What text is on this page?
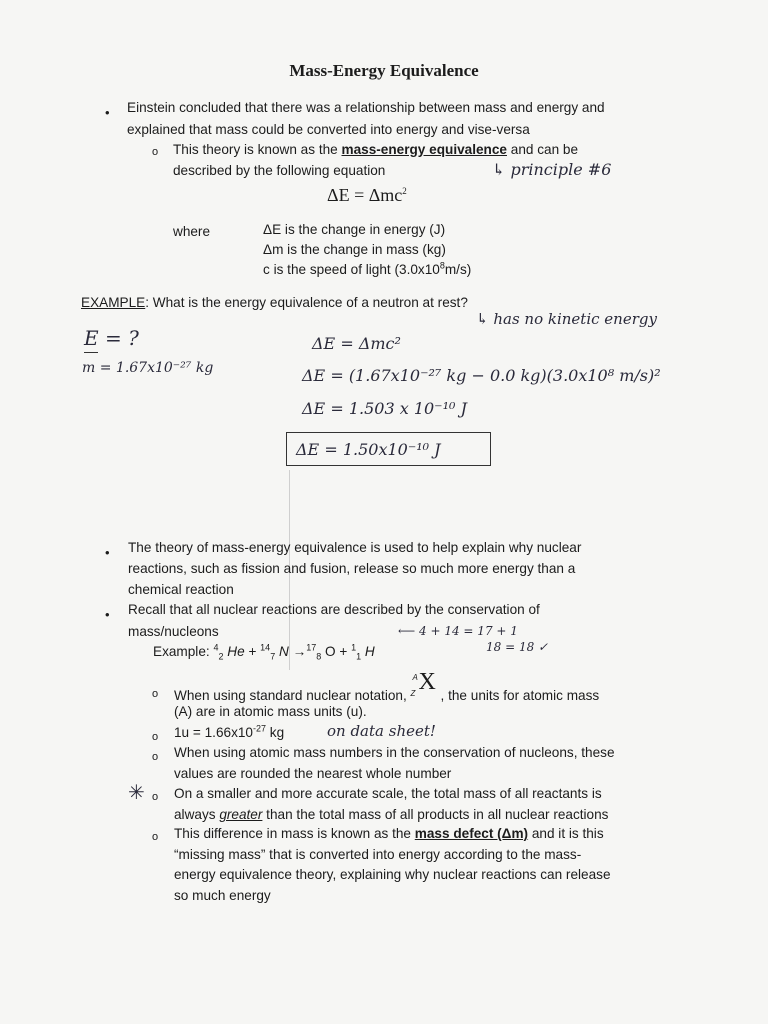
Mass-Energy Equivalence
• Einstein concluded that there was a relationship between mass and energy and
explained that mass could be converted into energy and vise-versa
o This theory is known as the mass-energy equivalence and can be
described by the following equation	↳ principle #6
ΔE = Δmc$^2$
where	ΔE is the change in energy (J)
Δm is the change in mass (kg)
c is the speed of light $(3.0x10^8m/s)$
EXAMPLE: What is the energy equivalence of a neutron at rest?
↳ has no kinetic energy
E = ?
m = 1.67x10⁻²⁷ kg
ΔE = Δmc²
ΔE = (1.67x10⁻²⁷ kg − 0.0 kg)(3.0x10⁸ m/s)²
ΔE = 1.503 x 10⁻¹⁰ J
ΔE = 1.50x10⁻¹⁰ J
• The theory of mass-energy equivalence is used to help explain why nuclear
reactions, such as fission and fusion, release so much more energy than a
chemical reaction
• Recall that all nuclear reactions are described by the conservation of
mass/nucleons	⟵ 4 + 14 = 17 + 1
18 = 18 ✓
Example: $^4_2$ He + $^{14}_7$ N →$^{17}_8$ O + $^1_1$ H
o When using standard nuclear notation, Z
A X
, the units for atomic mass
(A) are in atomic mass units (u).
o $1u = 1.66x10^{-27}$ kg	on data sheet!
o When using atomic mass numbers in the conservation of nucleons, these
values are rounded the nearest whole number
✳ o On a smaller and more accurate scale, the total mass of all reactants is
always greater than the total mass of all products in all nuclear reactions
o This difference in mass is known as the mass defect (Δm) and it is this
“missing mass” that is converted into energy according to the mass-
energy equivalence theory, explaining why nuclear reactions can release
so much energy
